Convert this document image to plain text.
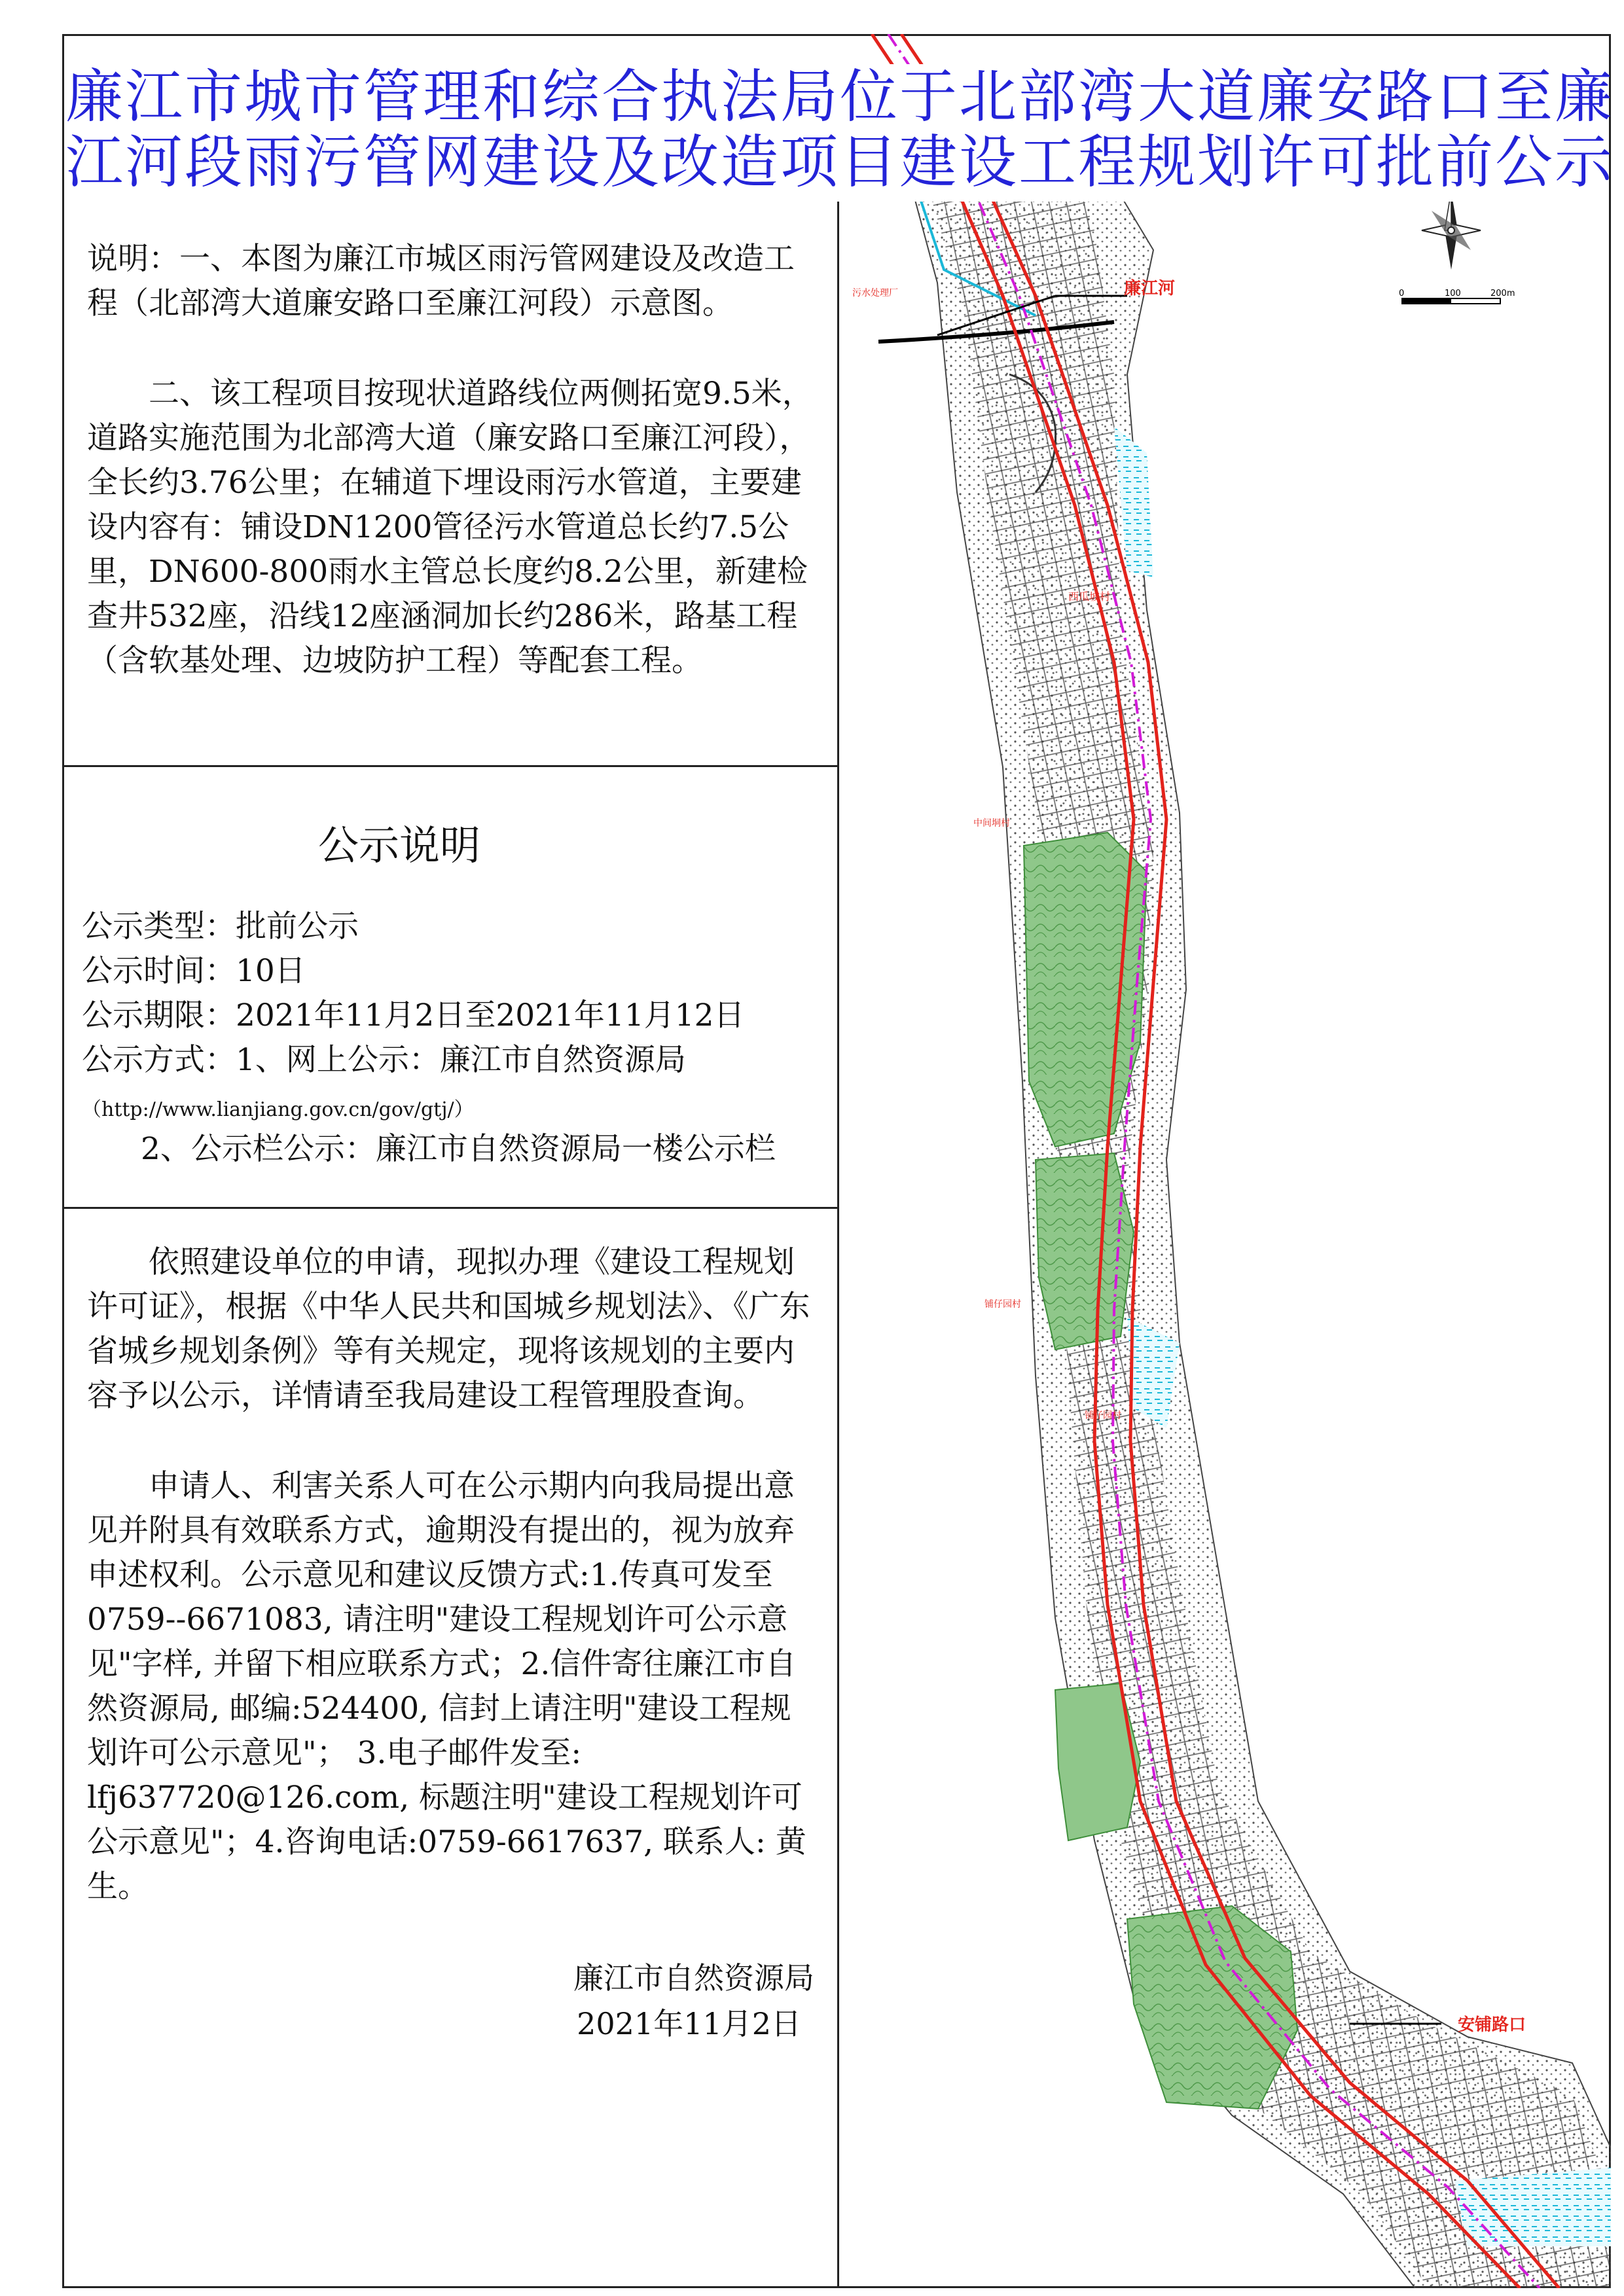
廉江市城市管理和综合执法局位于北部湾大道廉安路口至廉
江河段雨污管网建设及改造项目建设工程规划许可批前公示

说明：一、本图为廉江市城区雨污管网建设及改造工程（北部湾大道廉安路口至廉江河段）示意图。

二、该工程项目按现状道路线位两侧拓宽9.5米，道路实施范围为北部湾大道（廉安路口至廉江河段），全长约3.76公里；在辅道下埋设雨污水管道，主要建设内容有：铺设DN1200管径污水管道总长约7.5公里，DN600-800雨水主管总长度约8.2公里，新建检查井532座，沿线12座涵洞加长约286米，路基工程（含软基处理、边坡防护工程）等配套工程。

公示说明
公示类型：批前公示
公示时间：10日
公示期限：2021年11月2日至2021年11月12日
公示方式：1、网上公示：廉江市自然资源局
（http://www.lianjiang.gov.cn/gov/gtj/）
2、公示栏公示：廉江市自然资源局一楼公示栏

依照建设单位的申请，现拟办理《建设工程规划许可证》，根据《中华人民共和国城乡规划法》、《广东省城乡规划条例》等有关规定，现将该规划的主要内容予以公示，详情请至我局建设工程管理股查询。

申请人、利害关系人可在公示期内向我局提出意见并附具有效联系方式，逾期没有提出的，视为放弃申述权利。公示意见和建议反馈方式:1.传真可发至0759--6671083, 请注明"建设工程规划许可公示意见"字样, 并留下相应联系方式；2.信件寄往廉江市自然资源局, 邮编:524400, 信封上请注明"建设工程规划许可公示意见"； 3.电子邮件发至: lfj637720@126.com, 标题注明"建设工程规划许可公示意见"；4.咨询电话:0759-6617637, 联系人: 黄生。

廉江市自然资源局
2021年11月2日
廉江河
污水处理厂
西瓜坡村
中间垌村
铺仔园村
铺仔园村
安铺路口
0	100	200m
